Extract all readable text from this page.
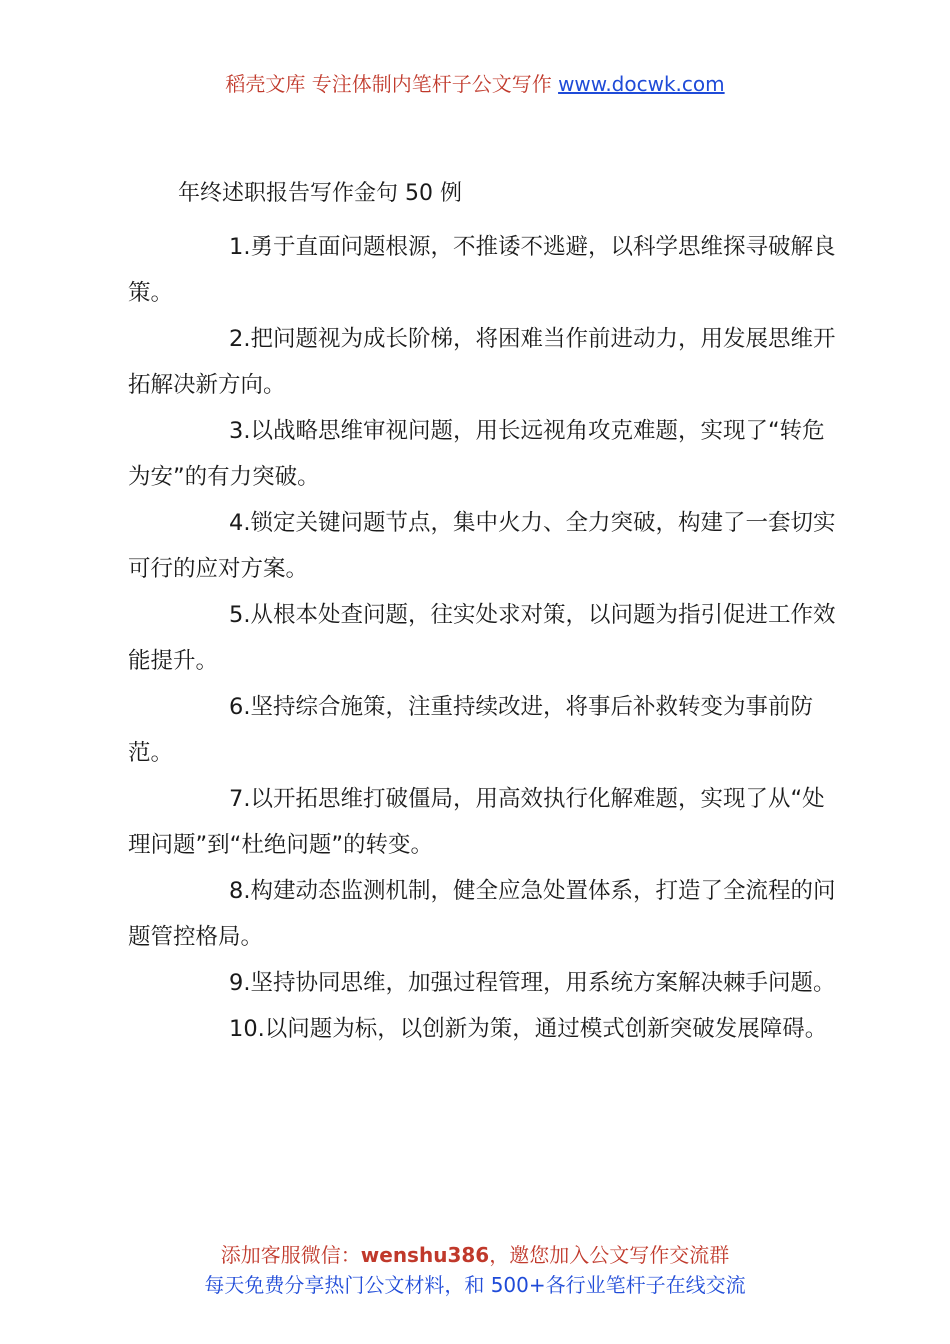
稻壳文库 专注体制内笔杆子公文写作 www.docwk.com
年终述职报告写作金句 50 例
1.勇于直面问题根源，不推诿不逃避，以科学思维探寻破解良策。
2.把问题视为成长阶梯，将困难当作前进动力，用发展思维开拓解决新方向。
3.以战略思维审视问题，用长远视角攻克难题，实现了“转危为安”的有力突破。
4.锁定关键问题节点，集中火力、全力突破，构建了一套切实可行的应对方案。
5.从根本处查问题，往实处求对策，以问题为指引促进工作效能提升。
6.坚持综合施策，注重持续改进，将事后补救转变为事前防范。
7.以开拓思维打破僵局，用高效执行化解难题，实现了从“处理问题”到“杜绝问题”的转变。
8.构建动态监测机制，健全应急处置体系，打造了全流程的问题管控格局。
9.坚持协同思维，加强过程管理，用系统方案解决棘手问题。
10.以问题为标，以创新为策，通过模式创新突破发展障碍。
添加客服微信：wenshu386，邀您加入公文写作交流群
每天免费分享热门公文材料，和 500+各行业笔杆子在线交流
